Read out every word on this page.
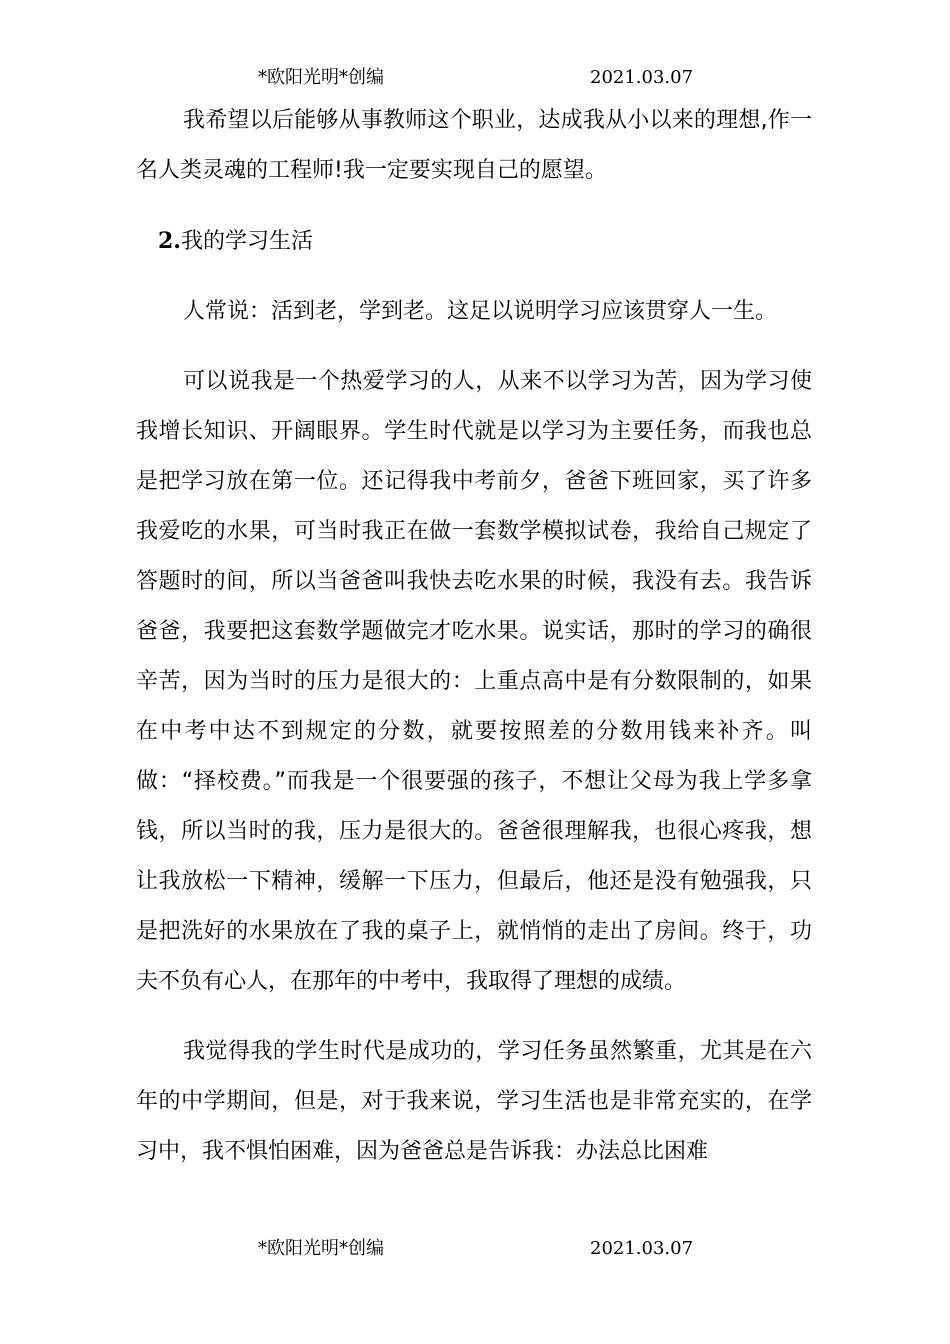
*欧阳光明*创编	2021.03.07

我希望以后能够从事教师这个职业，达成我从小以来的理想,作一名人类灵魂的工程师!我一定要实现自己的愿望。

2.我的学习生活

人常说：活到老，学到老。这足以说明学习应该贯穿人一生。

可以说我是一个热爱学习的人，从来不以学习为苦，因为学习使我增长知识、开阔眼界。学生时代就是以学习为主要任务，而我也总是把学习放在第一位。还记得我中考前夕，爸爸下班回家，买了许多我爱吃的水果，可当时我正在做一套数学模拟试卷，我给自己规定了答题时的间，所以当爸爸叫我快去吃水果的时候，我没有去。我告诉爸爸，我要把这套数学题做完才吃水果。说实话，那时的学习的确很辛苦，因为当时的压力是很大的：上重点高中是有分数限制的，如果在中考中达不到规定的分数，就要按照差的分数用钱来补齐。叫做：“择校费。”而我是一个很要强的孩子，不想让父母为我上学多拿钱，所以当时的我，压力是很大的。爸爸很理解我，也很心疼我，想让我放松一下精神，缓解一下压力，但最后，他还是没有勉强我，只是把洗好的水果放在了我的桌子上，就悄悄的走出了房间。终于，功夫不负有心人，在那年的中考中，我取得了理想的成绩。

我觉得我的学生时代是成功的，学习任务虽然繁重，尤其是在六年的中学期间，但是，对于我来说，学习生活也是非常充实的，在学习中，我不惧怕困难，因为爸爸总是告诉我：办法总比困难

*欧阳光明*创编	2021.03.07
